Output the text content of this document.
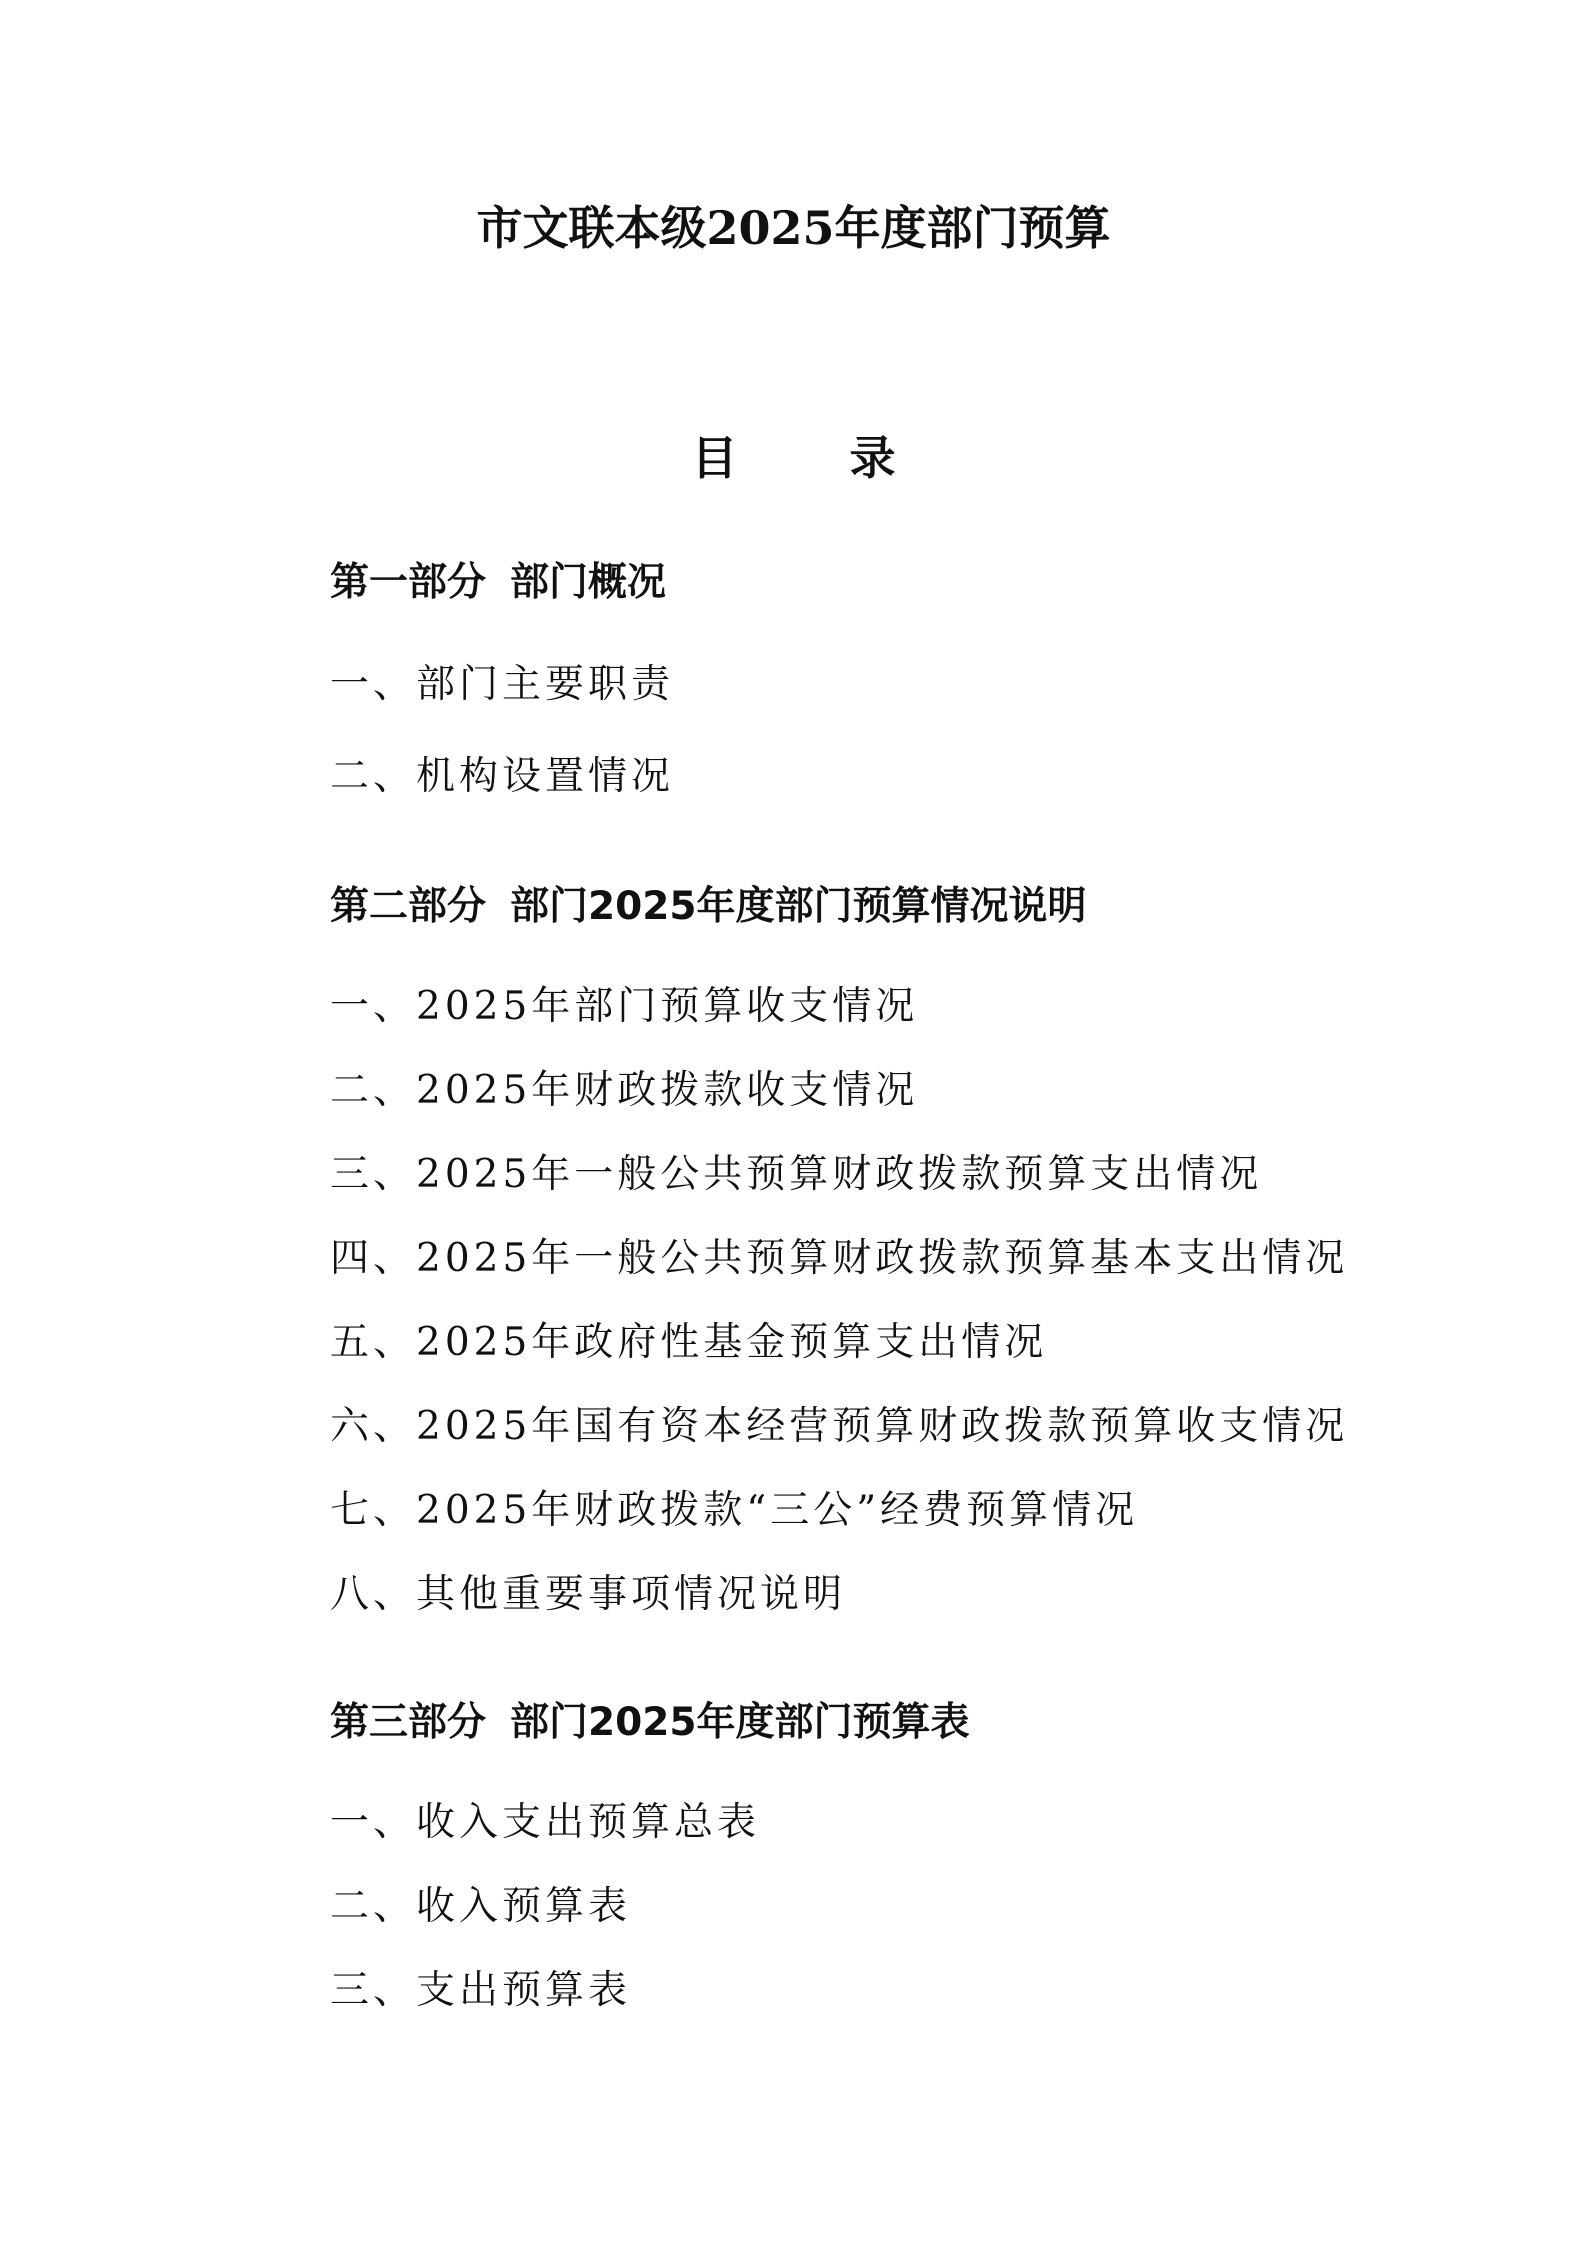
市文联本级2025年度部门预算
目 录
第一部分 部门概况
一、部门主要职责
二、机构设置情况
第二部分 部门2025年度部门预算情况说明
一、2025年部门预算收支情况
二、2025年财政拨款收支情况
三、2025年一般公共预算财政拨款预算支出情况
四、2025年一般公共预算财政拨款预算基本支出情况
五、2025年政府性基金预算支出情况
六、2025年国有资本经营预算财政拨款预算收支情况
七、2025年财政拨款“三公”经费预算情况
八、其他重要事项情况说明
第三部分 部门2025年度部门预算表
一、收入支出预算总表
二、收入预算表
三、支出预算表
